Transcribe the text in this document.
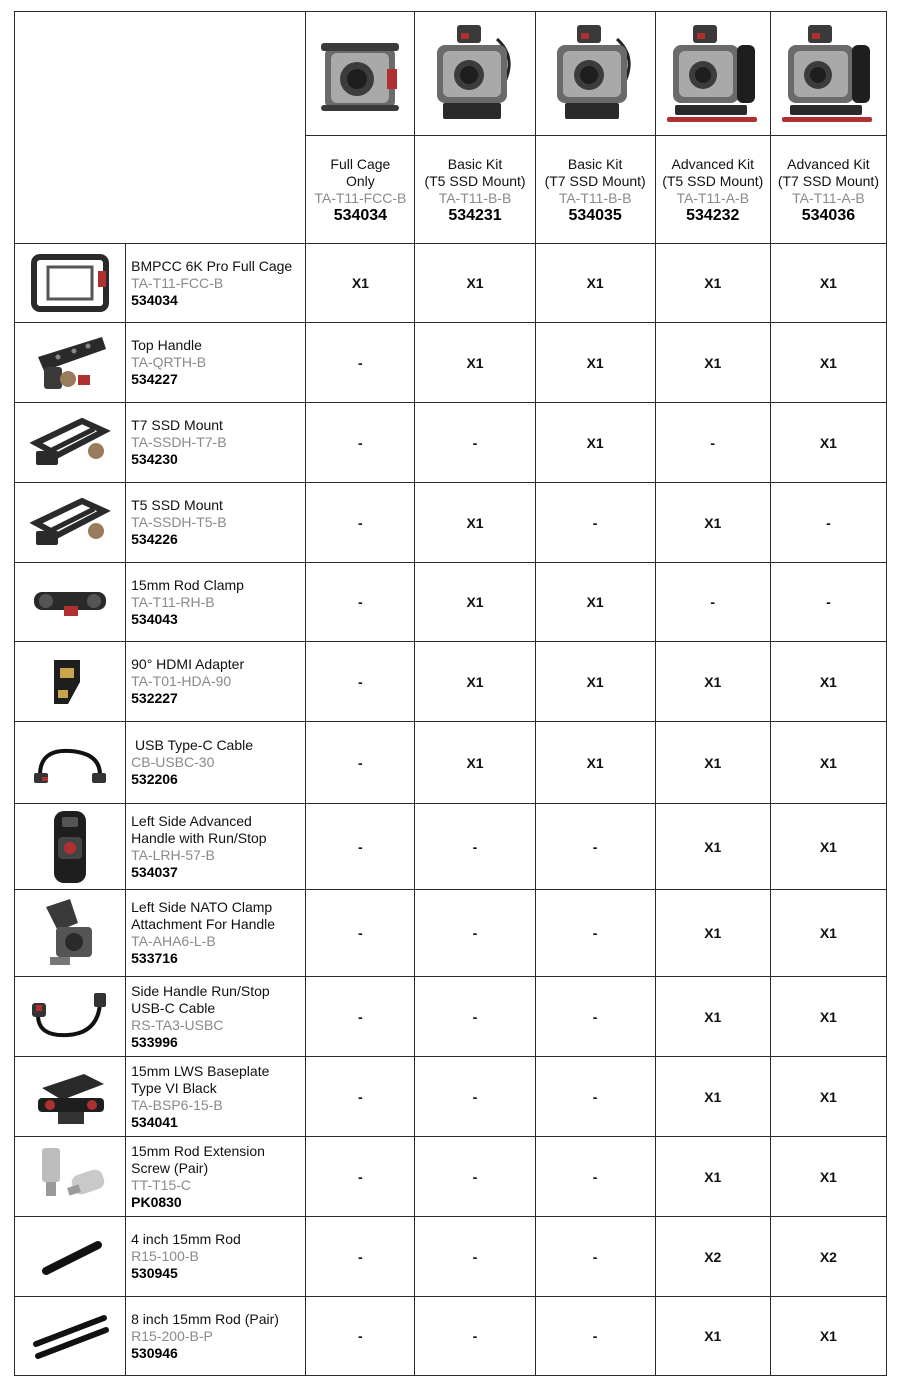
		Full Cage
Only
TA-T11-FCC-B
534034	Basic Kit
(T5 SSD Mount)
TA-T11-B-B
534231	Basic Kit
(T7 SSD Mount)
TA-T11-B-B
534035	Advanced Kit
(T5 SSD Mount)
TA-T11-A-B
534232	Advanced Kit
(T7 SSD Mount)
TA-T11-A-B
534036

BMPCC 6K Pro Full Cage
TA-T11-FCC-B
534034	X1	X1	X1	X1	X1

Top Handle
TA-QRTH-B
534227	-	X1	X1	X1	X1

T7 SSD Mount
TA-SSDH-T7-B
534230	-	-	X1	-	X1

T5 SSD Mount
TA-SSDH-T5-B
534226	-	X1	-	X1	-

15mm Rod Clamp
TA-T11-RH-B
534043	-	X1	X1	-	-

90° HDMI Adapter
TA-T01-HDA-90
532227	-	X1	X1	X1	X1

USB Type-C Cable
CB-USBC-30
532206	-	X1	X1	X1	X1

Left Side Advanced
Handle with Run/Stop
TA-LRH-57-B
534037	-	-	-	X1	X1

Left Side NATO Clamp
Attachment For Handle
TA-AHA6-L-B
533716	-	-	-	X1	X1

Side Handle Run/Stop
USB-C Cable
RS-TA3-USBC
533996	-	-	-	X1	X1

15mm LWS Baseplate
Type VI Black
TA-BSP6-15-B
534041	-	-	-	X1	X1

15mm Rod Extension
Screw (Pair)
TT-T15-C
PK0830	-	-	-	X1	X1

4 inch 15mm Rod
R15-100-B
530945	-	-	-	X2	X2

8 inch 15mm Rod (Pair)
R15-200-B-P
530946	-	-	-	X1	X1
